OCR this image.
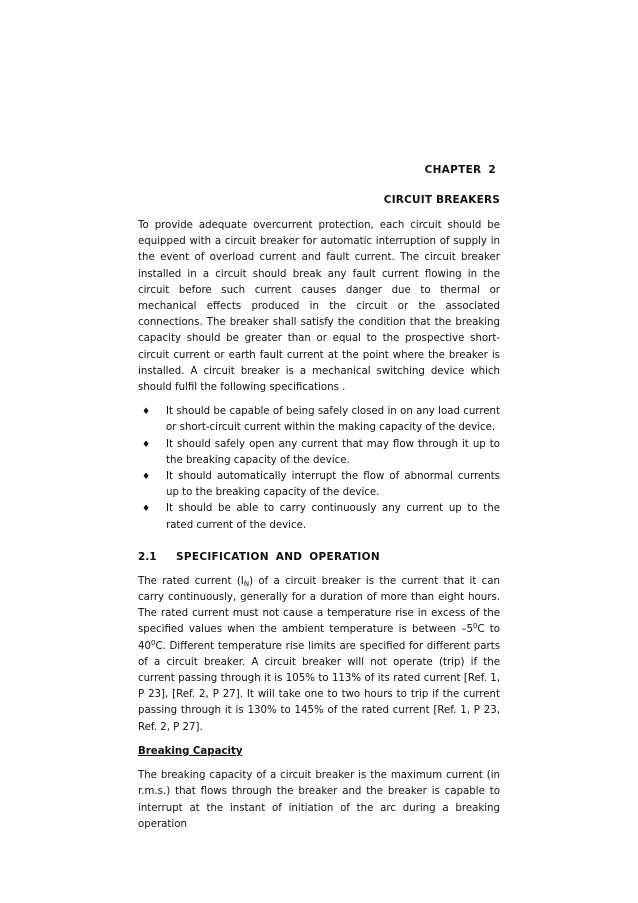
CHAPTER 2
CIRCUIT BREAKERS

To provide adequate overcurrent protection, each circuit should be equipped with a circuit breaker for automatic interruption of supply in the event of overload current and fault current. The circuit breaker installed in a circuit should break any fault current flowing in the circuit before such current causes danger due to thermal or mechanical effects produced in the circuit or the associated connections. The breaker shall satisfy the condition that the breaking capacity should be greater than or equal to the prospective short-circuit current or earth fault current at the point where the breaker is installed. A circuit breaker is a mechanical switching device which should fulfil the following specifications .

♦ It should be capable of being safely closed in on any load current or short-circuit current within the making capacity of the device.
♦ It should safely open any current that may flow through it up to the breaking capacity of the device.
♦ It should automatically interrupt the flow of abnormal currents up to the breaking capacity of the device.
♦ It should be able to carry continuously any current up to the rated current of the device.
2.1 SPECIFICATION AND OPERATION

The rated current $(I_N)$ of a circuit breaker is the current that it can carry continuously, generally for a duration of more than eight hours. The rated current must not cause a temperature rise in excess of the specified values when the ambient temperature is between $-5^0C$ to $40^0C$. Different temperature rise limits are specified for different parts of a circuit breaker. A circuit breaker will not operate (trip) if the current passing through it is 105% to 113% of its rated current [Ref. 1, P 23], [Ref. 2, P 27]. It will take one to two hours to trip if the current passing through it is 130% to 145% of the rated current [Ref. 1, P 23, Ref. 2, P 27].

Breaking Capacity

The breaking capacity of a circuit breaker is the maximum current (in r.m.s.) that flows through the breaker and the breaker is capable to interrupt at the instant of initiation of the arc during a breaking operation
